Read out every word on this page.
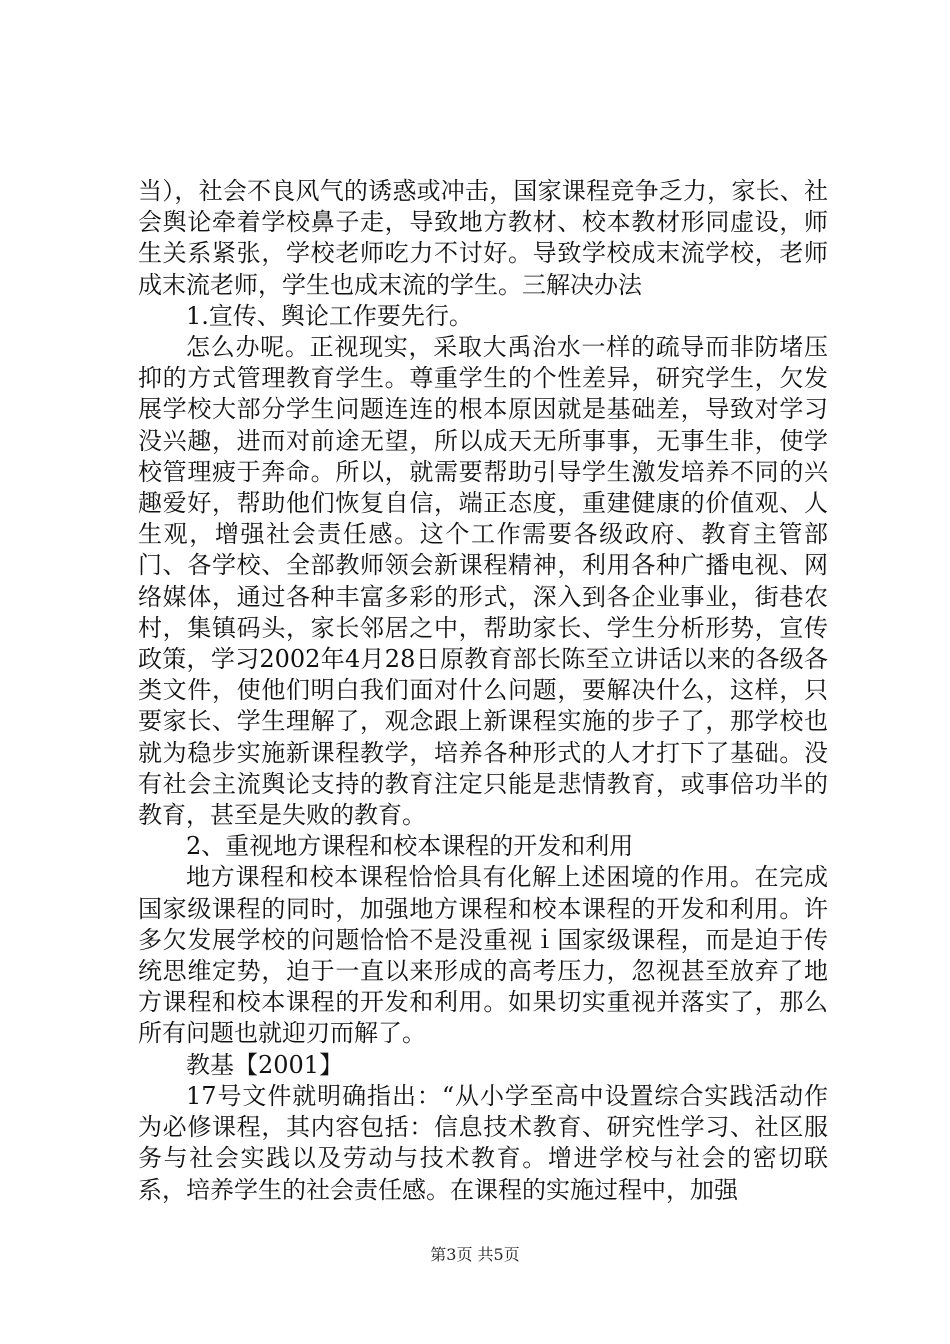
当），社会不良风气的诱惑或冲击，国家课程竞争乏力，家长、社会舆论牵着学校鼻子走，导致地方教材、校本教材形同虚设，师生关系紧张，学校老师吃力不讨好。导致学校成末流学校，老师成末流老师，学生也成末流的学生。三解决办法

1.宣传、舆论工作要先行。

怎么办呢。正视现实，采取大禹治水一样的疏导而非防堵压抑的方式管理教育学生。尊重学生的个性差异，研究学生，欠发展学校大部分学生问题连连的根本原因就是基础差，导致对学习没兴趣，进而对前途无望，所以成天无所事事，无事生非，使学校管理疲于奔命。所以，就需要帮助引导学生激发培养不同的兴趣爱好，帮助他们恢复自信，端正态度，重建健康的价值观、人生观，增强社会责任感。这个工作需要各级政府、教育主管部门、各学校、全部教师领会新课程精神，利用各种广播电视、网络媒体，通过各种丰富多彩的形式，深入到各企业事业，街巷农村，集镇码头，家长邻居之中，帮助家长、学生分析形势，宣传政策，学习2002年4月28日原教育部长陈至立讲话以来的各级各类文件，使他们明白我们面对什么问题，要解决什么，这样，只要家长、学生理解了，观念跟上新课程实施的步子了，那学校也就为稳步实施新课程教学，培养各种形式的人才打下了基础。没有社会主流舆论支持的教育注定只能是悲情教育，或事倍功半的教育，甚至是失败的教育。

2、重视地方课程和校本课程的开发和利用

地方课程和校本课程恰恰具有化解上述困境的作用。在完成国家级课程的同时，加强地方课程和校本课程的开发和利用。许多欠发展学校的问题恰恰不是没重视ｉ国家级课程，而是迫于传统思维定势，迫于一直以来形成的高考压力，忽视甚至放弃了地方课程和校本课程的开发和利用。如果切实重视并落实了，那么所有问题也就迎刃而解了。

教基【2001】

17号文件就明确指出：“从小学至高中设置综合实践活动作为必修课程，其内容包括：信息技术教育、研究性学习、社区服务与社会实践以及劳动与技术教育。增进学校与社会的密切联系，培养学生的社会责任感。在课程的实施过程中，加强

第3页 共5页
